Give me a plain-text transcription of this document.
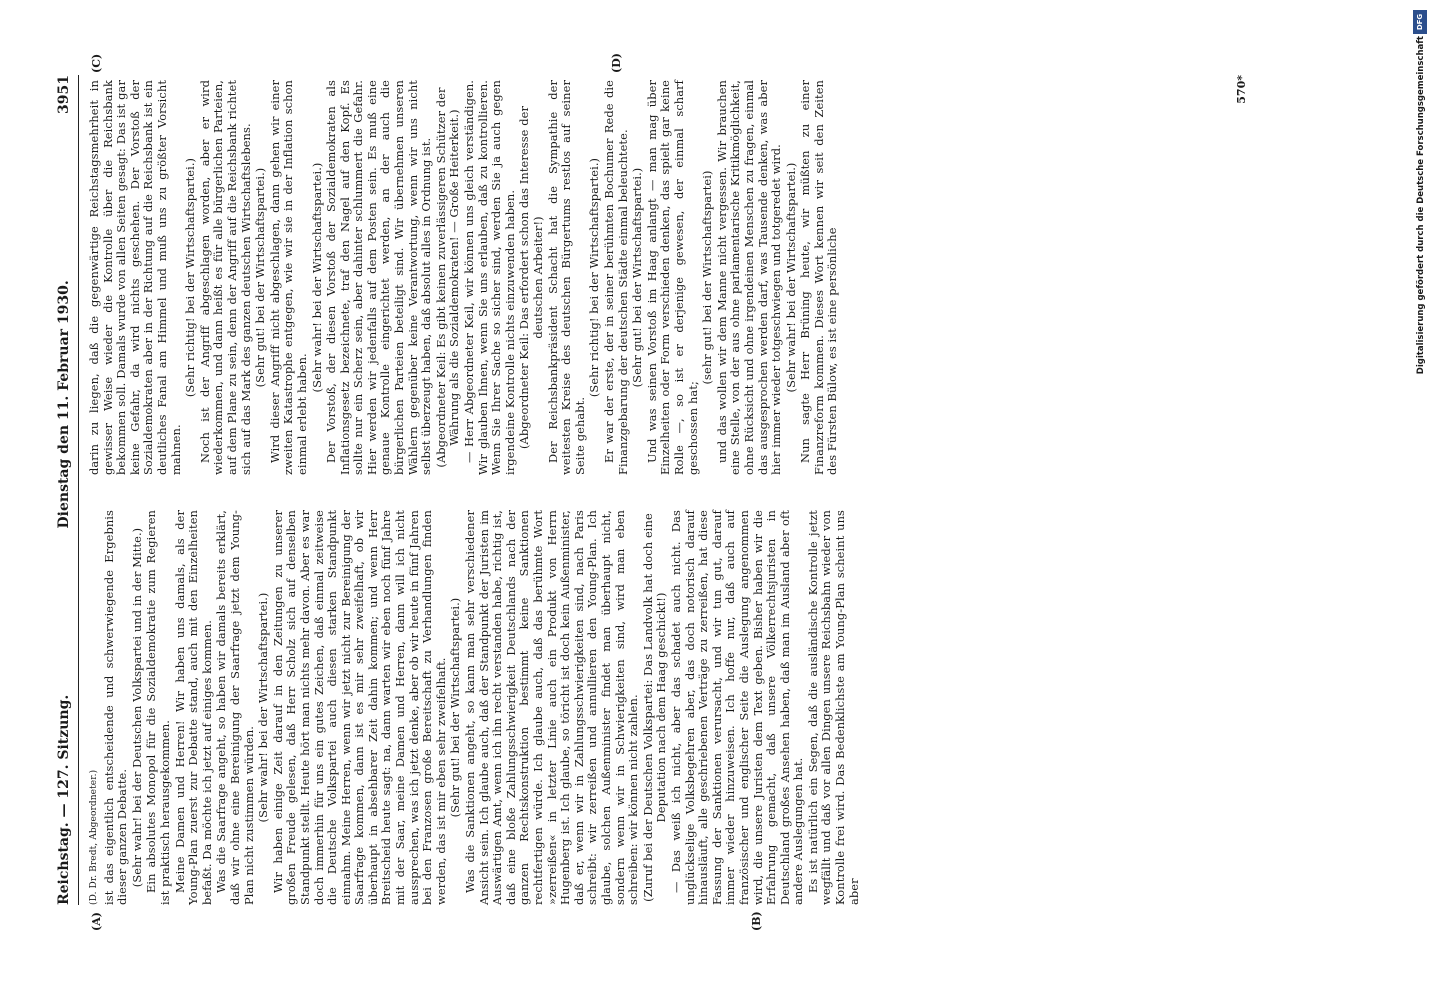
Reichstag. — 127. Sitzung.
Dienstag den 11. Februar 1930.
3951

(D. Dr. Bredt, Abgeordneter.) ist das eigentlich entscheidende und schwerwiegende Ergebnis dieser ganzen Debatte. (Sehr wahr! bei der Deutschen Volkspartei und in der Mitte.) Ein absolutes Monopol für die Sozialdemokratie zum Regieren ist praktisch herausgekommen. Meine Damen und Herren! Wir haben uns damals, als der Young-Plan zuerst zur Debatte stand, auch mit den Einzelheiten befaßt. Da möchte ich jetzt auf einiges kommen. Was die Saarfrage angeht, so haben wir damals bereits erklärt, daß wir ohne eine Bereinigung der Saarfrage jetzt dem Young-Plan nicht zustimmen würden. (Sehr wahr! bei der Wirtschaftspartei.) Wir haben einige Zeit darauf in den Zeitungen zu unserer großen Freude gelesen, daß Herr Scholz sich auf denselben Standpunkt stellt. Heute hört man nichts mehr davon. Aber es war doch immerhin für uns ein gutes Zeichen, daß einmal zeitweise die Deutsche Volkspartei auch diesen starken Standpunkt einnahm. Meine Herren, wenn wir jetzt nicht zur Bereinigung der Saarfrage kommen, dann ist es mir sehr zweifelhaft, ob wir überhaupt in absehbarer Zeit dahin kommen; und wenn Herr Breitscheid heute sagt: na, dann warten wir eben noch fünf Jahre mit der Saar, meine Damen und Herren, dann will ich nicht aussprechen, was ich jetzt denke, aber ob wir heute in fünf Jahren bei den Franzosen große Bereitschaft zu Verhandlungen finden werden, das ist mir eben sehr zweifelhaft. (Sehr gut! bei der Wirtschaftspartei.) Was die Sanktionen angeht, so kann man sehr verschiedener Ansicht sein. Ich glaube auch, daß der Standpunkt der Juristen im Auswärtigen Amt, wenn ich ihn recht verstanden habe, richtig ist, daß eine bloße Zahlungsschwierigkeit Deutschlands nach der ganzen Rechtskonstruktion bestimmt keine Sanktionen rechtfertigen würde. Ich glaube auch, daß das berühmte Wort »zerreißen« in letzter Linie auch ein Produkt von Herrn Hugenberg ist. Ich glaube, so töricht ist doch kein Außenminister, daß er, wenn wir in Zahlungsschwierigkeiten sind, nach Paris schreibt: wir zerreißen und annullieren den Young-Plan. Ich glaube, solchen Außenminister findet man überhaupt nicht, sondern wenn wir in Schwierigkeiten sind, wird man eben schreiben: wir können nicht zahlen. (Zuruf bei der Deutschen Volkspartei: Das Landvolk hat doch eine Deputation nach dem Haag geschickt!) — Das weiß ich nicht, aber das schadet auch nicht. Das unglückselige Volksbegehren aber, das doch notorisch darauf hinausläuft, alle geschriebenen Verträge zu zerreißen, hat diese Fassung der Sanktionen verursacht, und wir tun gut, darauf immer wieder hinzuweisen. Ich hoffe nur, daß auch auf französischer und englischer Seite die Auslegung angenommen wird, die unsere Juristen dem Text geben. Bisher haben wir die Erfahrung gemacht, daß unsere Völkerrechtsjuristen in Deutschland großes Ansehen haben, daß man im Ausland aber oft andere Auslegungen hat. Es ist natürlich ein Segen, daß die ausländische Kontrolle jetzt wegfällt und daß vor allen Dingen unsere Reichsbahn wieder von Kontrolle frei wird. Das Bedenklichste am Young-Plan scheint uns aber

darin zu liegen, daß die gegenwärtige Reichstagsmehrheit in gewisser Weise wieder die Kontrolle über die Reichsbank bekommen soll. Damals wurde von allen Seiten gesagt: Das ist gar keine Gefahr, da wird nichts geschehen. Der Vorstoß der Sozialdemokraten aber in der Richtung auf die Reichsbank ist ein deutliches Fanal am Himmel und muß uns zu größter Vorsicht mahnen.

(Sehr richtig! bei der Wirtschaftspartei.) Noch ist der Angriff abgeschlagen worden, aber er wird wiederkommen, und dann heißt es für alle bürgerlichen Parteien, auf dem Plane zu sein, denn der Angriff auf die Reichsbank richtet sich auf das Mark des ganzen deutschen Wirtschaftslebens. (Sehr gut! bei der Wirtschaftspartei.) Wird dieser Angriff nicht abgeschlagen, dann gehen wir einer zweiten Katastrophe entgegen, wie wir sie in der Inflation schon einmal erlebt haben.

(Sehr wahr! bei der Wirtschaftspartei.) Der Vorstoß, der diesen Vorstoß der Sozialdemokraten als Inflationsgesetz bezeichnete, traf den Nagel auf den Kopf. Es sollte nur ein Scherz sein, aber dahinter schlummert die Gefahr. Hier werden wir jedenfalls auf dem Posten sein. Es muß eine genaue Kontrolle eingerichtet werden, an der auch die bürgerlichen Parteien beteiligt sind. Wir übernehmen unseren Wählern gegenüber keine Verantwortung, wenn wir uns nicht selbst überzeugt haben, daß absolut alles in Ordnung ist. (Abgeordneter Keil: Es gibt keinen zuverlässigeren Schützer der Währung als die Sozialdemokraten! — Große Heiterkeit.) — Herr Abgeordneter Keil, wir können uns gleich verständigen. Wir glauben Ihnen, wenn Sie uns erlauben, daß zu kontrollieren. Wenn Sie Ihrer Sache so sicher sind, werden Sie ja auch gegen irgendeine Kontrolle nichts einzuwenden haben. (Abgeordneter Keil: Das erfordert schon das Interesse der deutschen Arbeiter!) Der Reichsbankpräsident Schacht hat die Sympathie der weitesten Kreise des deutschen Bürgertums restlos auf seiner Seite gehabt.

(Sehr richtig! bei der Wirtschaftspartei.) Er war der erste, der in seiner berühmten Bochumer Rede die Finanzgebarung der deutschen Städte einmal beleuchtete. (Sehr gut! bei der Wirtschaftspartei.) Und was seinen Vorstoß im Haag anlangt — man mag über Einzelheiten oder Form verschieden denken, das spielt gar keine Rolle —, so ist er derjenige gewesen, der einmal scharf geschossen hat;

(sehr gut! bei der Wirtschaftspartei) und das wollen wir dem Manne nicht vergessen. Wir brauchen eine Stelle, von der aus ohne parlamentarische Kritikmöglichkeit, ohne Rücksicht und ohne irgendeinen Menschen zu fragen, einmal das ausgesprochen werden darf, was Tausende denken, was aber hier immer wieder totgeschwiegen und totgeredet wird. (Sehr wahr! bei der Wirtschaftspartei.) Nun sagte Herr Brüning heute, wir müßten zu einer Finanzreform kommen. Dieses Wort kennen wir seit den Zeiten des Fürsten Bülow, es ist eine persönliche

(A)	(B)
(C)	(D)
570*	Digitalisierung gefördert durch die Deutsche Forschungsgemeinschaft
DFG
